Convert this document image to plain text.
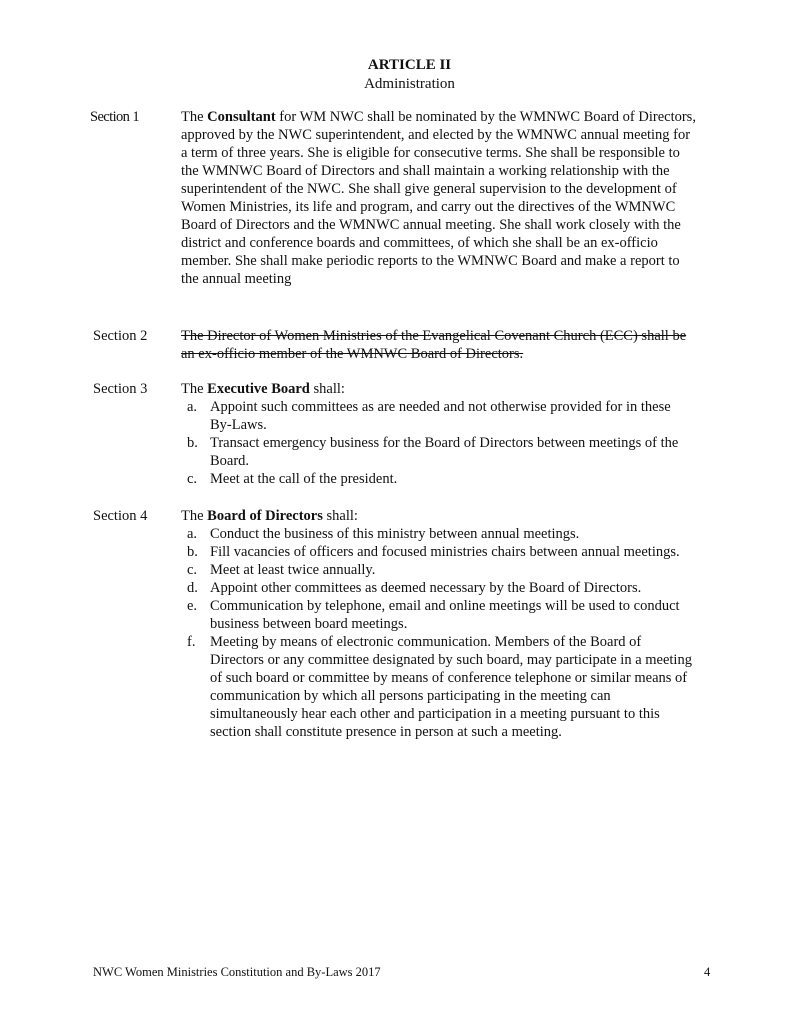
ARTICLE II
Administration
Section 1	The Consultant for WM NWC shall be nominated by the WMNWC Board of Directors, approved by the NWC superintendent, and elected by the WMNWC annual meeting for a term of three years. She is eligible for consecutive terms. She shall be responsible to the WMNWC Board of Directors and shall maintain a working relationship with the superintendent of the NWC. She shall give general supervision to the development of Women Ministries, its life and program, and carry out the directives of the WMNWC Board of Directors and the WMNWC annual meeting. She shall work closely with the district and conference boards and committees, of which she shall be an ex-officio member. She shall make periodic reports to the WMNWC Board and make a report to the annual meeting

Section 2 The Director of Women Ministries of the Evangelical Covenant Church (ECC) shall be an ex-officio member of the WMNWC Board of Directors.

Section 3 The Executive Board shall:

a. Appoint such committees as are needed and not otherwise provided for in these By-Laws.
b. Transact emergency business for the Board of Directors between meetings of the Board.
c. Meet at the call of the president.
Section 4 The Board of Directors shall:

a. Conduct the business of this ministry between annual meetings.
b. Fill vacancies of officers and focused ministries chairs between annual meetings.
c. Meet at least twice annually.
d. Appoint other committees as deemed necessary by the Board of Directors.
e. Communication by telephone, email and online meetings will be used to conduct business between board meetings.
f. Meeting by means of electronic communication. Members of the Board of Directors or any committee designated by such board, may participate in a meeting of such board or committee by means of conference telephone or similar means of communication by which all persons participating in the meeting can simultaneously hear each other and participation in a meeting pursuant to this section shall constitute presence in person at such a meeting.
NWC Women Ministries Constitution and By-Laws 2017	4
